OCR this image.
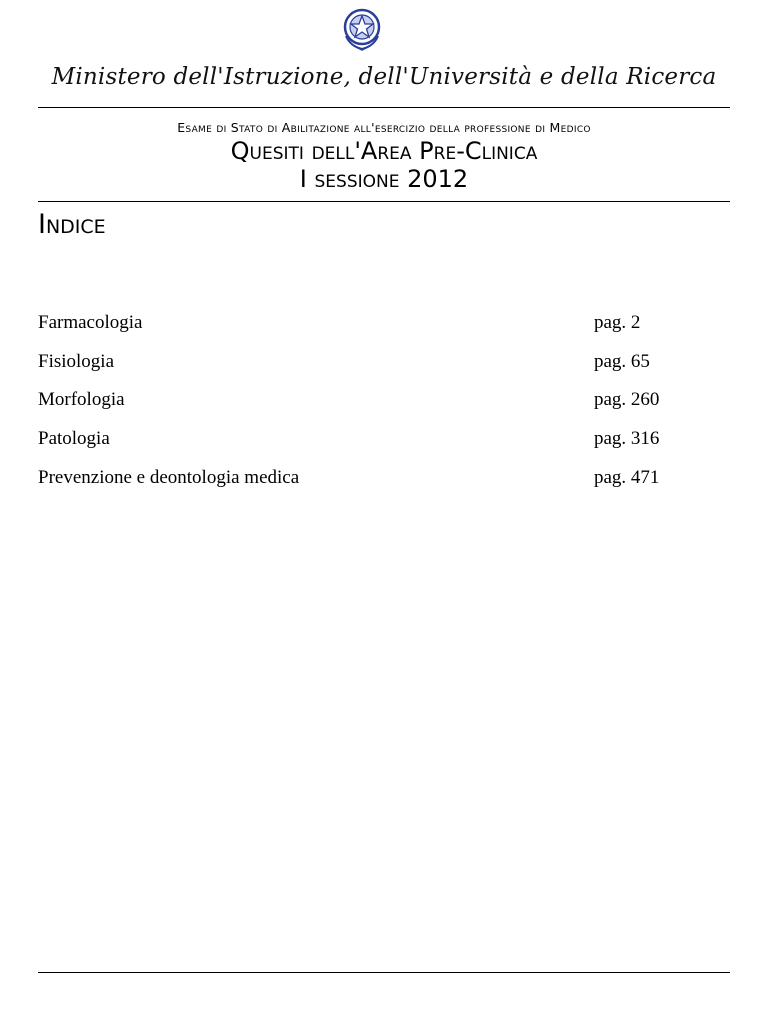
Ministero dell'Istruzione, dell'Università e della Ricerca
Esame di Stato di Abilitazione all'esercizio della professione di Medico
Quesiti dell'Area Pre-Clinica
I sessione 2012
Indice
Farmacologia	pag. 2
Fisiologia	pag. 65
Morfologia	pag. 260
Patologia	pag. 316
Prevenzione e deontologia medica	pag. 471
